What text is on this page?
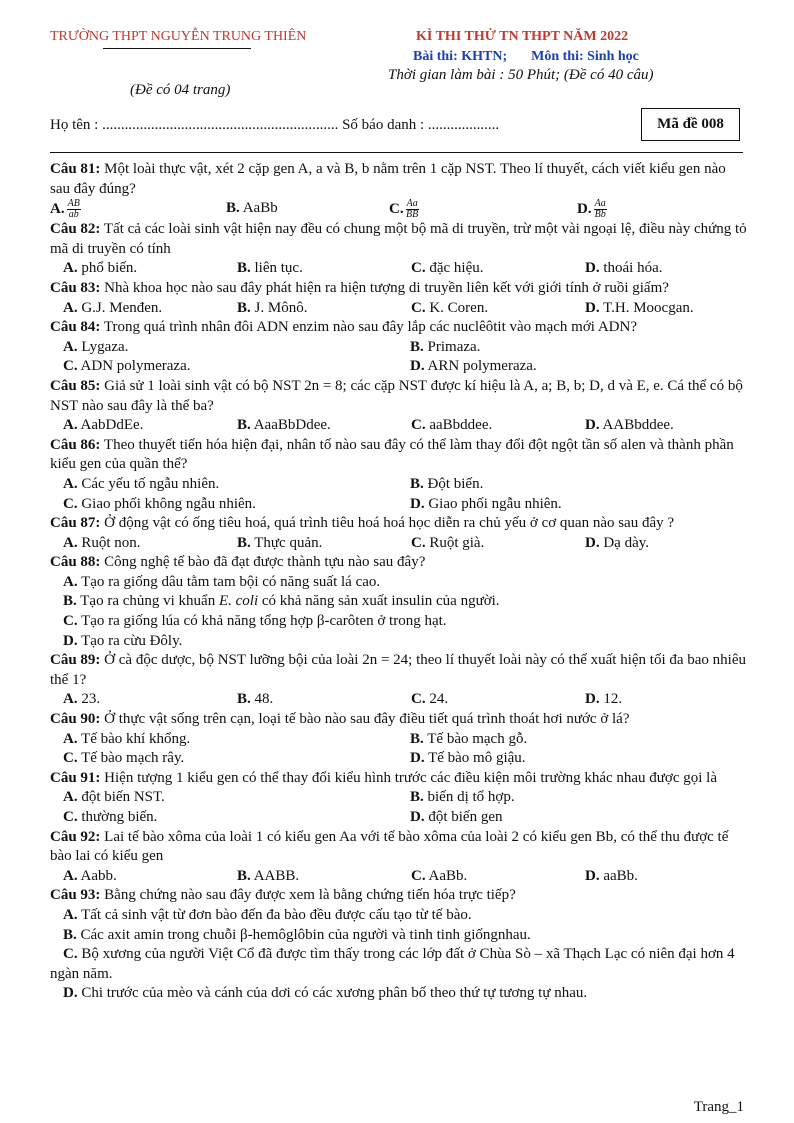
TRƯỜNG THPT NGUYỄN TRUNG THIÊN	KÌ THI THỬ TN THPT NĂM 2022
Bài thi: KHTN; Môn thi: Sinh học
Thời gian làm bài : 50 Phút; (Đề có 40 câu)
(Đề có 04 trang)
Họ tên : ............................................................... Số báo danh : ...................	Mã đề 008

Câu 81: Một loài thực vật, xét 2 cặp gen A, a và B, b nằm trên 1 cặp NST. Theo lí thuyết, cách viết kiểu gen nào sau đây đúng?

A. $\frac{AB}{ab}$	B. AaBb	C. $\frac{Aa}{BB}$	D. $\frac{Aa}{Bb}$

Câu 82: Tất cả các loài sinh vật hiện nay đều có chung một bộ mã di truyền, trừ một vài ngoại lệ, điều này chứng tỏ mã di truyền có tính

A. phổ biến.	B. liên tục.	C. đặc hiệu.	D. thoái hóa.

Câu 83: Nhà khoa học nào sau đây phát hiện ra hiện tượng di truyền liên kết với giới tính ở ruồi giấm?

A. G.J. Menđen.	B. J. Mônô.	C. K. Coren.	D. T.H. Moocgan.

Câu 84: Trong quá trình nhân đôi ADN enzim nào sau đây lắp các nuclêôtit vào mạch mới ADN?

A. Lygaza.	B. Primaza.
C. ADN polymeraza.	D. ARN polymeraza.

Câu 85: Giả sử 1 loài sinh vật có bộ NST 2n = 8; các cặp NST được kí hiệu là A, a; B, b; D, d và E, e. Cá thể có bộ NST nào sau đây là thể ba?

A. AabDdEe.	B. AaaBbDdee.	C. aaBbddee.	D. AABbddee.

Câu 86: Theo thuyết tiến hóa hiện đại, nhân tố nào sau đây có thể làm thay đổi đột ngột tần số alen và thành phần kiểu gen của quần thể?

A. Các yếu tố ngẫu nhiên.	B. Đột biến.
C. Giao phối không ngẫu nhiên.	D. Giao phối ngẫu nhiên.

Câu 87: Ở động vật có ống tiêu hoá, quá trình tiêu hoá hoá học diễn ra chủ yếu ở cơ quan nào sau đây ?

A. Ruột non.	B. Thực quản.	C. Ruột già.	D. Dạ dày.

Câu 88: Công nghệ tế bào đã đạt được thành tựu nào sau đây?

A. Tạo ra giống dâu tằm tam bội có năng suất lá cao.
B. Tạo ra chủng vi khuẩn E. coli có khả năng sản xuất insulin của người.
C. Tạo ra giống lúa có khả năng tổng hợp β-carôten ở trong hạt.
D. Tạo ra cừu Đôly.

Câu 89: Ở cà độc dược, bộ NST lưỡng bội của loài 2n = 24; theo lí thuyết loài này có thể xuất hiện tối đa bao nhiêu thể 1?

A. 23.	B. 48.	C. 24.	D. 12.

Câu 90: Ở thực vật sống trên cạn, loại tế bào nào sau đây điều tiết quá trình thoát hơi nước ở lá?

A. Tế bào khí khổng.	B. Tế bào mạch gỗ.
C. Tế bào mạch rây.	D. Tế bào mô giậu.

Câu 91: Hiện tượng 1 kiểu gen có thể thay đổi kiểu hình trước các điều kiện môi trường khác nhau được gọi là

A. đột biến NST.	B. biến dị tổ hợp.
C. thường biến.	D. đột biến gen

Câu 92: Lai tế bào xôma của loài 1 có kiểu gen Aa với tế bào xôma của loài 2 có kiểu gen Bb, có thể thu được tế bào lai có kiểu gen

A. Aabb.	B. AABB.	C. AaBb.	D. aaBb.

Câu 93: Bằng chứng nào sau đây được xem là bằng chứng tiến hóa trực tiếp?

A. Tất cả sinh vật từ đơn bào đến đa bào đều được cấu tạo từ tế bào.
B. Các axit amin trong chuỗi β-hemôglôbin của người và tinh tinh giốngnhau.
C. Bộ xương của người Việt Cổ đã được tìm thấy trong các lớp đất ở Chùa Sò – xã Thạch Lạc có niên đại hơn 4 ngàn năm.
D. Chi trước của mèo và cánh của dơi có các xương phân bố theo thứ tự tương tự nhau.
Trang_1
